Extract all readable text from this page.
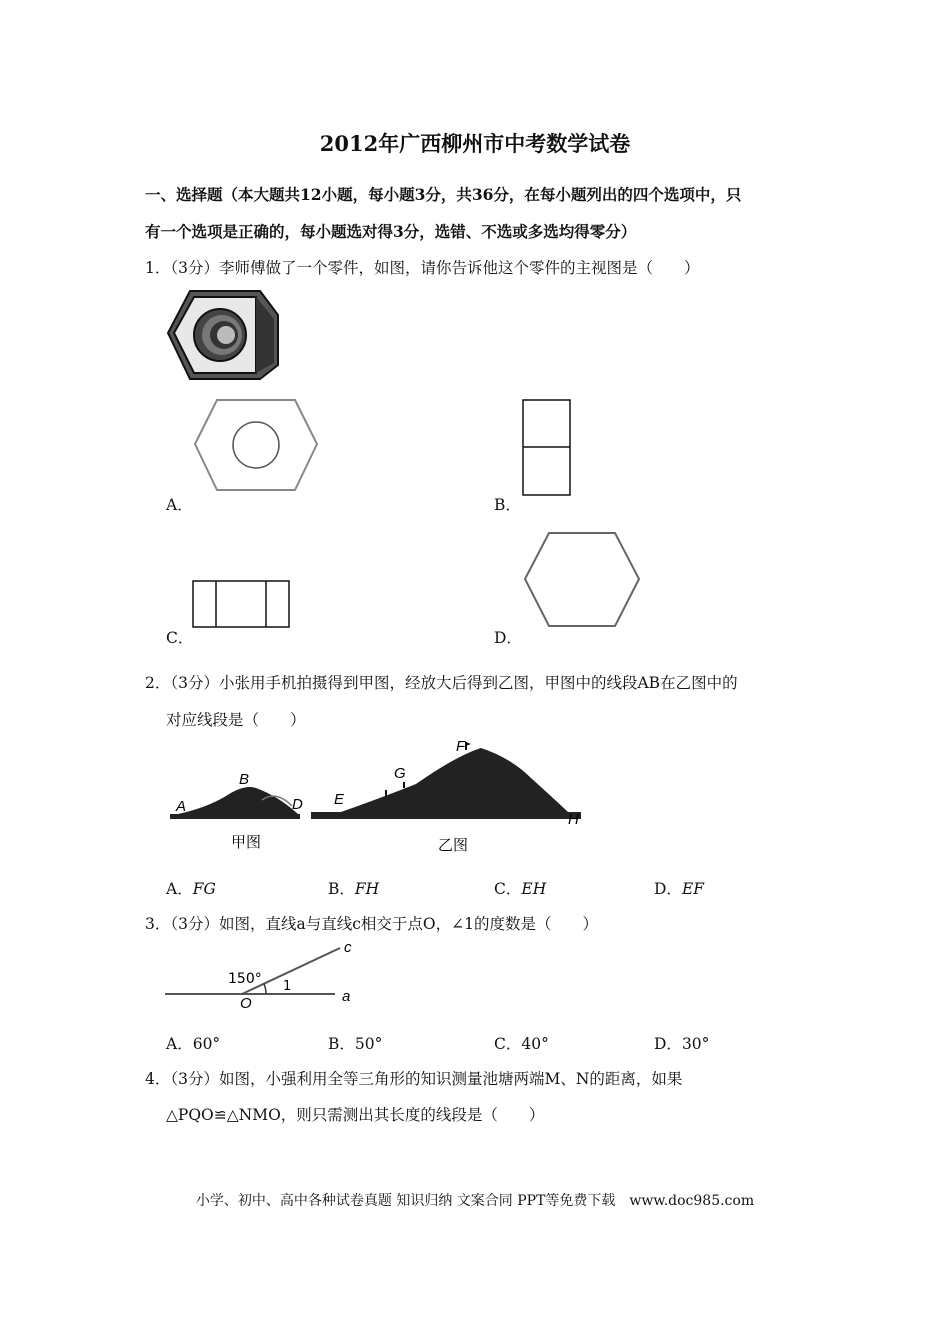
2012年广西柳州市中考数学试卷
一、选择题（本大题共12小题，每小题3分，共36分，在每小题列出的四个选项中，只
有一个选项是正确的，每小题选对得3分，选错、不选或多选均得零分）
1．（3分）李师傅做了一个零件，如图，请你告诉他这个零件的主视图是（　　）
A．	B．
C．	D．
2．（3分）小张用手机拍摄得到甲图，经放大后得到乙图，甲图中的线段AB在乙图中的
对应线段是（　　）
A
B
D E
G
F
H
甲图	乙图
A．FG	B．FH	C．EH	D．EF
3．（3分）如图，直线a与直线c相交于点O，∠1的度数是（　　）
150° 1
O	a
c
A．60°	B．50°	C．40°	D．30°
4．（3分）如图，小强利用全等三角形的知识测量池塘两端M、N的距离，如果
△PQO≌△NMO，则只需测出其长度的线段是（　　）
小学、初中、高中各种试卷真题 知识归纳 文案合同 PPT等免费下载　www.doc985.com
